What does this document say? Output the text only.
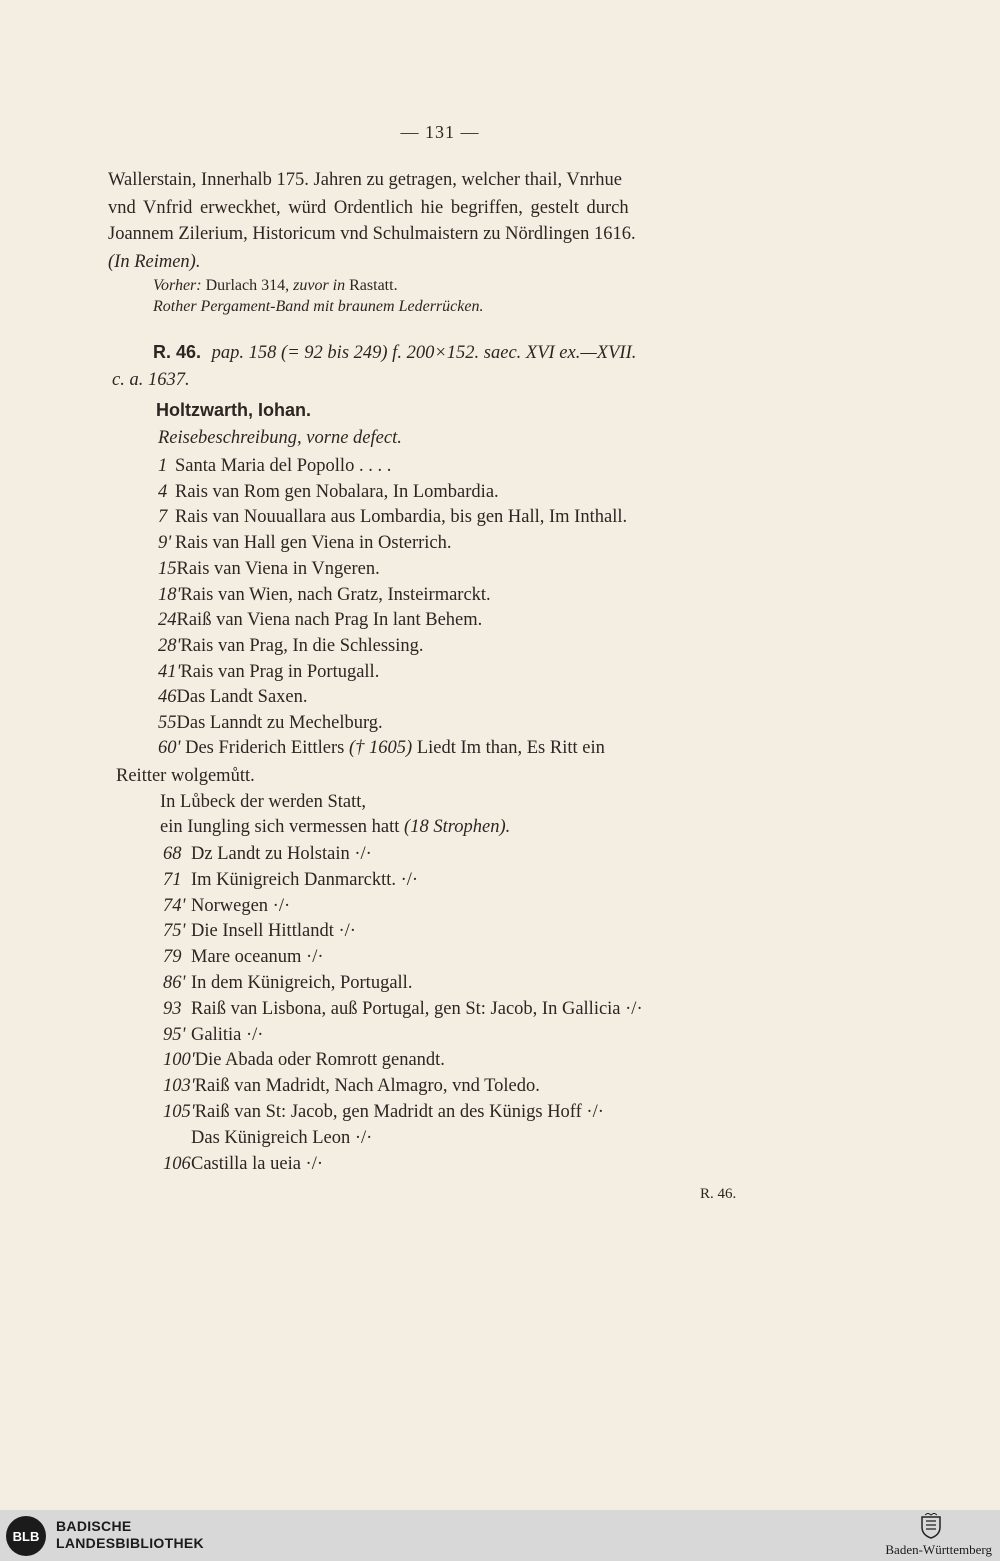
— 131 —
Wallerstain, Innerhalb 175. Jahren zu getragen, welcher thail, Vnrhue
vnd Vnfrid erweckhet, würd Ordentlich hie begriffen, gestelt durch
Joannem Zilerium, Historicum vnd Schulmaistern zu Nördlingen 1616.
(In Reimen).
Vorher: Durlach 314, zuvor in Rastatt.
Rother Pergament-Band mit braunem Lederrücken.
R. 46. pap. 158 (= 92 bis 249) f. 200×152. saec. XVI ex.—XVII.
c. a. 1637.
Holtzwarth, Iohan.
Reisebeschreibung, vorne defect.
1 Santa Maria del Popollo . . . .
4 Rais van Rom gen Nobalara, In Lombardia.
7 Rais van Nouuallara aus Lombardia, bis gen Hall, Im Inthall.
9' Rais van Hall gen Viena in Osterrich.
15Rais van Viena in Vngeren.
18'Rais van Wien, nach Gratz, Insteirmarckt.
24Raiß van Viena nach Prag In lant Behem.
28'Rais van Prag, In die Schlessing.
41'Rais van Prag in Portugall.
46Das Landt Saxen.
55Das Lanndt zu Mechelburg.
60' Des Friderich Eittlers († 1605) Liedt Im than, Es Ritt ein
Reitter wolgemůtt.
In Lůbeck der werden Statt,
ein Iungling sich vermessen hatt (18 Strophen).
68 Dz Landt zu Holstain ·/·
71 Im Künigreich Danmarcktt. ·/·
74' Norwegen ·/·
75' Die Insell Hittlandt ·/·
79 Mare oceanum ·/·
86' In dem Künigreich, Portugall.
93 Raiß van Lisbona, auß Portugal, gen St: Jacob, In Gallicia ·/·
95' Galitia ·/·
100'Die Abada oder Romrott genandt.
103'Raiß van Madridt, Nach Almagro, vnd Toledo.
105'Raiß van St: Jacob, gen Madridt an des Künigs Hoff ·/·
Das Künigreich Leon ·/·
106Castilla la ueia ·/·
R. 46.
BLB
BADISCHE
LANDESBIBLIOTHEK	Baden-Württemberg
